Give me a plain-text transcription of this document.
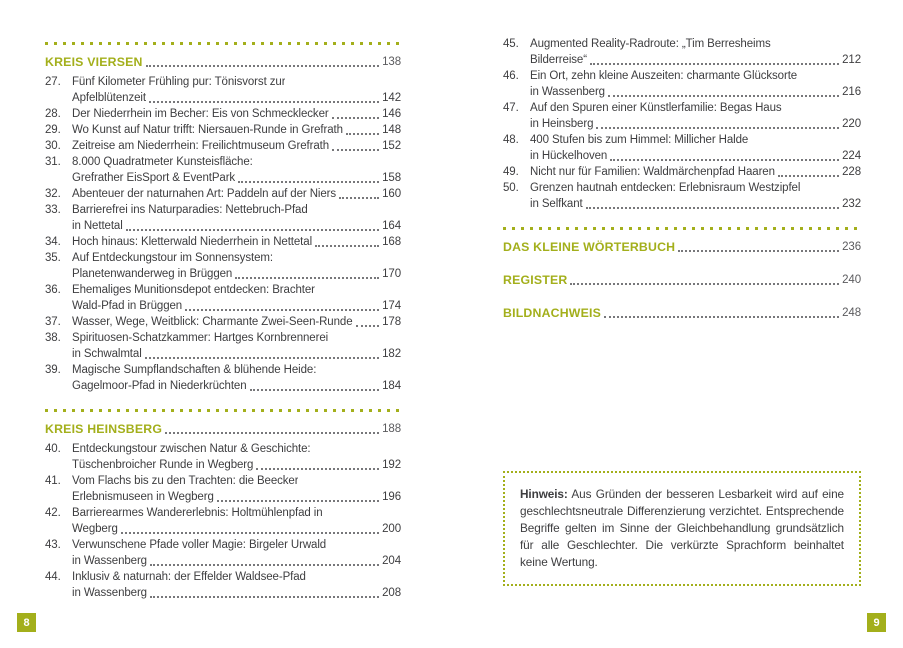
KREIS VIERSEN	138
27. Fünf Kilometer Frühling pur: Tönisvorst zur
Apfelblütenzeit	142
28. Der Niederrhein im Becher: Eis von Schmecklecker	146
29. Wo Kunst auf Natur trifft: Niersauen-Runde in Grefrath	148
30. Zeitreise am Niederrhein: Freilichtmuseum Grefrath	152
31. 8.000 Quadratmeter Kunsteisfläche:
Grefrather EisSport & EventPark	158
32. Abenteuer der naturnahen Art: Paddeln auf der Niers	160
33. Barrierefrei ins Naturparadies: Nettebruch-Pfad
in Nettetal	164
34. Hoch hinaus: Kletterwald Niederrhein in Nettetal	168
35. Auf Entdeckungstour im Sonnensystem:
Planetenwanderweg in Brüggen	170
36. Ehemaliges Munitionsdepot entdecken: Brachter
Wald-Pfad in Brüggen	174
37. Wasser, Wege, Weitblick: Charmante Zwei-Seen-Runde	178
38. Spirituosen-Schatzkammer: Hartges Kornbrennerei
in Schwalmtal	182
39. Magische Sumpflandschaften & blühende Heide:
Gagelmoor-Pfad in Niederkrüchten	184
KREIS HEINSBERG	188
40. Entdeckungstour zwischen Natur & Geschichte:
Tüschenbroicher Runde in Wegberg	192
41. Vom Flachs bis zu den Trachten: die Beecker
Erlebnismuseen in Wegberg	196
42. Barrierearmes Wandererlebnis: Holtmühlenpfad in
Wegberg	200
43. Verwunschene Pfade voller Magie: Birgeler Urwald
in Wassenberg	204
44. Inklusiv & naturnah: der Effelder Waldsee-Pfad
in Wassenberg	208
45. Augmented Reality-Radroute: „Tim Berresheims
Bilderreise“	212
46. Ein Ort, zehn kleine Auszeiten: charmante Glücksorte
in Wassenberg	216
47. Auf den Spuren einer Künstlerfamilie: Begas Haus
in Heinsberg	220
48. 400 Stufen bis zum Himmel: Millicher Halde
in Hückelhoven	224
49. Nicht nur für Familien: Waldmärchenpfad Haaren	228
50. Grenzen hautnah entdecken: Erlebnisraum Westzipfel
in Selfkant	232
DAS KLEINE WÖRTERBUCH	236
REGISTER	240
BILDNACHWEIS	248

Hinweis: Aus Gründen der besseren Lesbarkeit wird auf eine geschlechtsneutrale Differenzierung verzichtet. Entsprechende Begriffe gelten im Sinne der Gleichbehandlung grundsätzlich für alle Geschlechter. Die verkürzte Sprachform beinhaltet keine Wertung.

8	9
